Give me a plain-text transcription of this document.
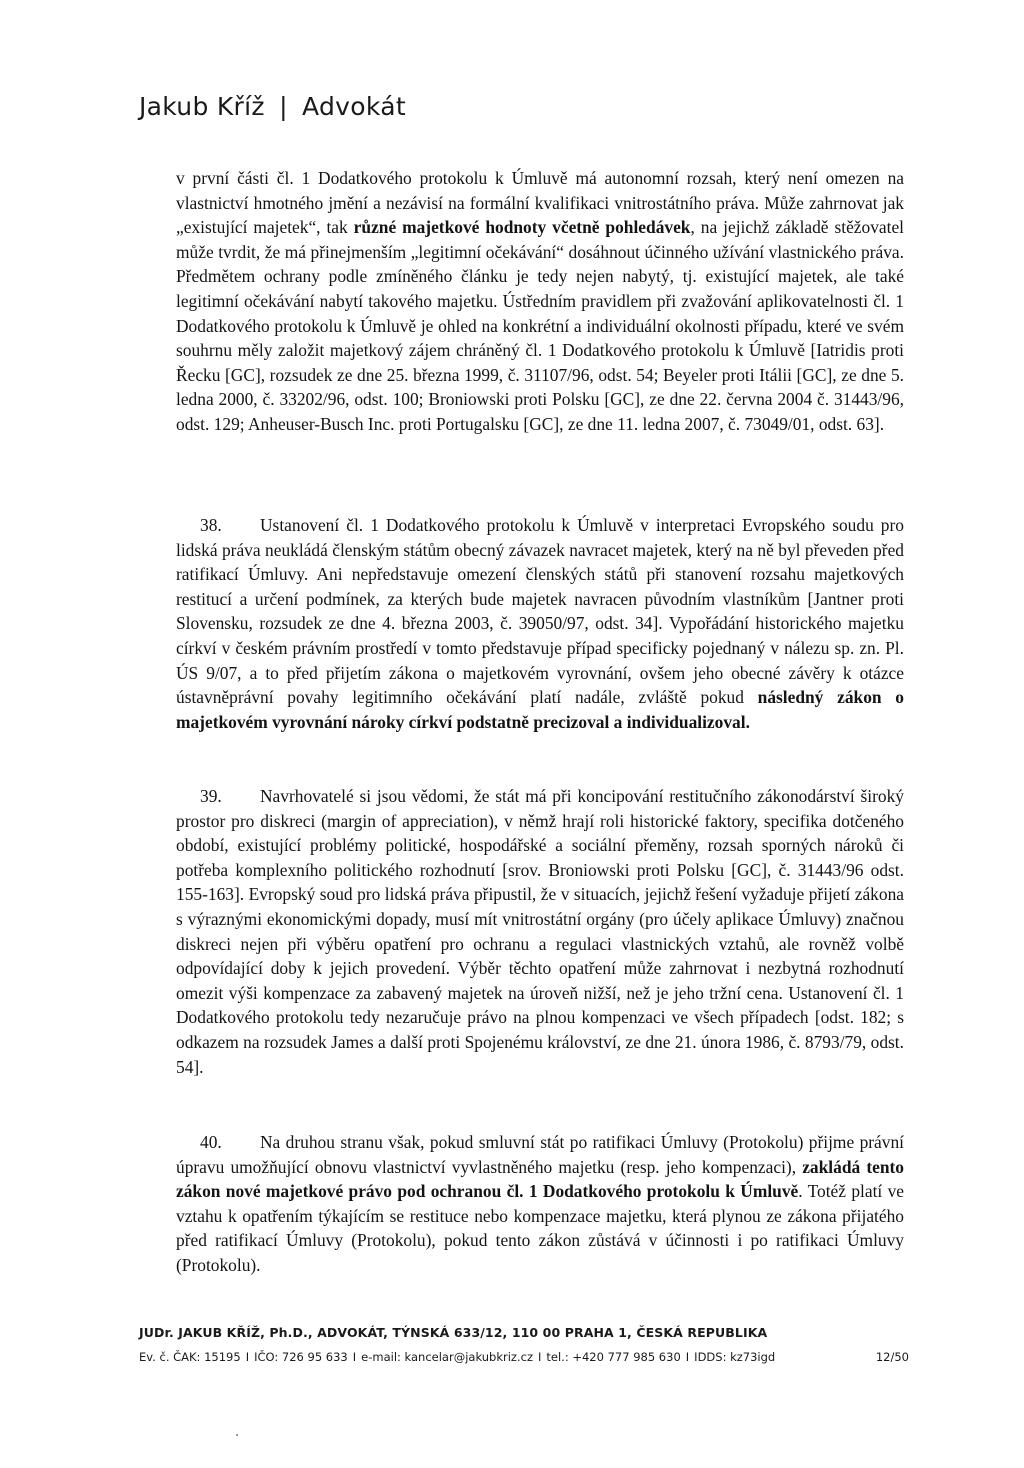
Jakub Kříž | Advokát

v první části čl. 1 Dodatkového protokolu k Úmluvě má autonomní rozsah, který není omezen na vlastnictví hmotného jmění a nezávisí na formální kvalifikaci vnitrostátního práva. Může zahrnovat jak „existující majetek“, tak různé majetkové hodnoty včetně pohledávek, na jejichž základě stěžovatel může tvrdit, že má přinejmenším „legitimní očekávání“ dosáhnout účinného užívání vlastnického práva. Předmětem ochrany podle zmíněného článku je tedy nejen nabytý, tj. existující majetek, ale také legitimní očekávání nabytí takového majetku. Ústředním pravidlem při zvažování aplikovatelnosti čl. 1 Dodatkového protokolu k Úmluvě je ohled na konkrétní a individuální okolnosti případu, které ve svém souhrnu měly založit majetkový zájem chráněný čl. 1 Dodatkového protokolu k Úmluvě [Iatridis proti Řecku [GC], rozsudek ze dne 25. března 1999, č. 31107/96, odst. 54; Beyeler proti Itálii [GC], ze dne 5. ledna 2000, č. 33202/96, odst. 100; Broniowski proti Polsku [GC], ze dne 22. června 2004 č. 31443/96, odst. 129; Anheuser-Busch Inc. proti Portugalsku [GC], ze dne 11. ledna 2007, č. 73049/01, odst. 63].

38. Ustanovení čl. 1 Dodatkového protokolu k Úmluvě v interpretaci Evropského soudu pro lidská práva neukládá členským státům obecný závazek navracet majetek, který na ně byl převeden před ratifikací Úmluvy. Ani nepředstavuje omezení členských států při stanovení rozsahu majetkových restitucí a určení podmínek, za kterých bude majetek navracen původním vlastníkům [Jantner proti Slovensku, rozsudek ze dne 4. března 2003, č. 39050/97, odst. 34]. Vypořádání historického majetku církví v českém právním prostředí v tomto představuje případ specificky pojednaný v nálezu sp. zn. Pl. ÚS 9/07, a to před přijetím zákona o majetkovém vyrovnání, ovšem jeho obecné závěry k otázce ústavněprávní povahy legitimního očekávání platí nadále, zvláště pokud následný zákon o majetkovém vyrovnání nároky církví podstatně precizoval a individualizoval.

39. Navrhovatelé si jsou vědomi, že stát má při koncipování restitučního zákonodárství široký prostor pro diskreci (margin of appreciation), v němž hrají roli historické faktory, specifika dotčeného období, existující problémy politické, hospodářské a sociální přeměny, rozsah sporných nároků či potřeba komplexního politického rozhodnutí [srov. Broniowski proti Polsku [GC], č. 31443/96 odst. 155-163]. Evropský soud pro lidská práva připustil, že v situacích, jejichž řešení vyžaduje přijetí zákona s výraznými ekonomickými dopady, musí mít vnitrostátní orgány (pro účely aplikace Úmluvy) značnou diskreci nejen při výběru opatření pro ochranu a regulaci vlastnických vztahů, ale rovněž volbě odpovídající doby k jejich provedení. Výběr těchto opatření může zahrnovat i nezbytná rozhodnutí omezit výši kompenzace za zabavený majetek na úroveň nižší, než je jeho tržní cena. Ustanovení čl. 1 Dodatkového protokolu tedy nezaručuje právo na plnou kompenzaci ve všech případech [odst. 182; s odkazem na rozsudek James a další proti Spojenému království, ze dne 21. února 1986, č. 8793/79, odst. 54].

40. Na druhou stranu však, pokud smluvní stát po ratifikaci Úmluvy (Protokolu) přijme právní úpravu umožňující obnovu vlastnictví vyvlastněného majetku (resp. jeho kompenzaci), zakládá tento zákon nové majetkové právo pod ochranou čl. 1 Dodatkového protokolu k Úmluvě. Totéž platí ve vztahu k opatřením týkajícím se restituce nebo kompenzace majetku, která plynou ze zákona přijatého před ratifikací Úmluvy (Protokolu), pokud tento zákon zůstává v účinnosti i po ratifikaci Úmluvy (Protokolu).

JUDr. JAKUB KŘÍŽ, Ph.D., ADVOKÁT, TÝNSKÁ 633/12, 110 00 PRAHA 1, ČESKÁ REPUBLIKA
Ev. č. ČAK: 15195 I IČO: 726 95 633 I e-mail: kancelar@jakubkriz.cz I tel.: +420 777 985 630 I IDDS: kz73igd	12/50
